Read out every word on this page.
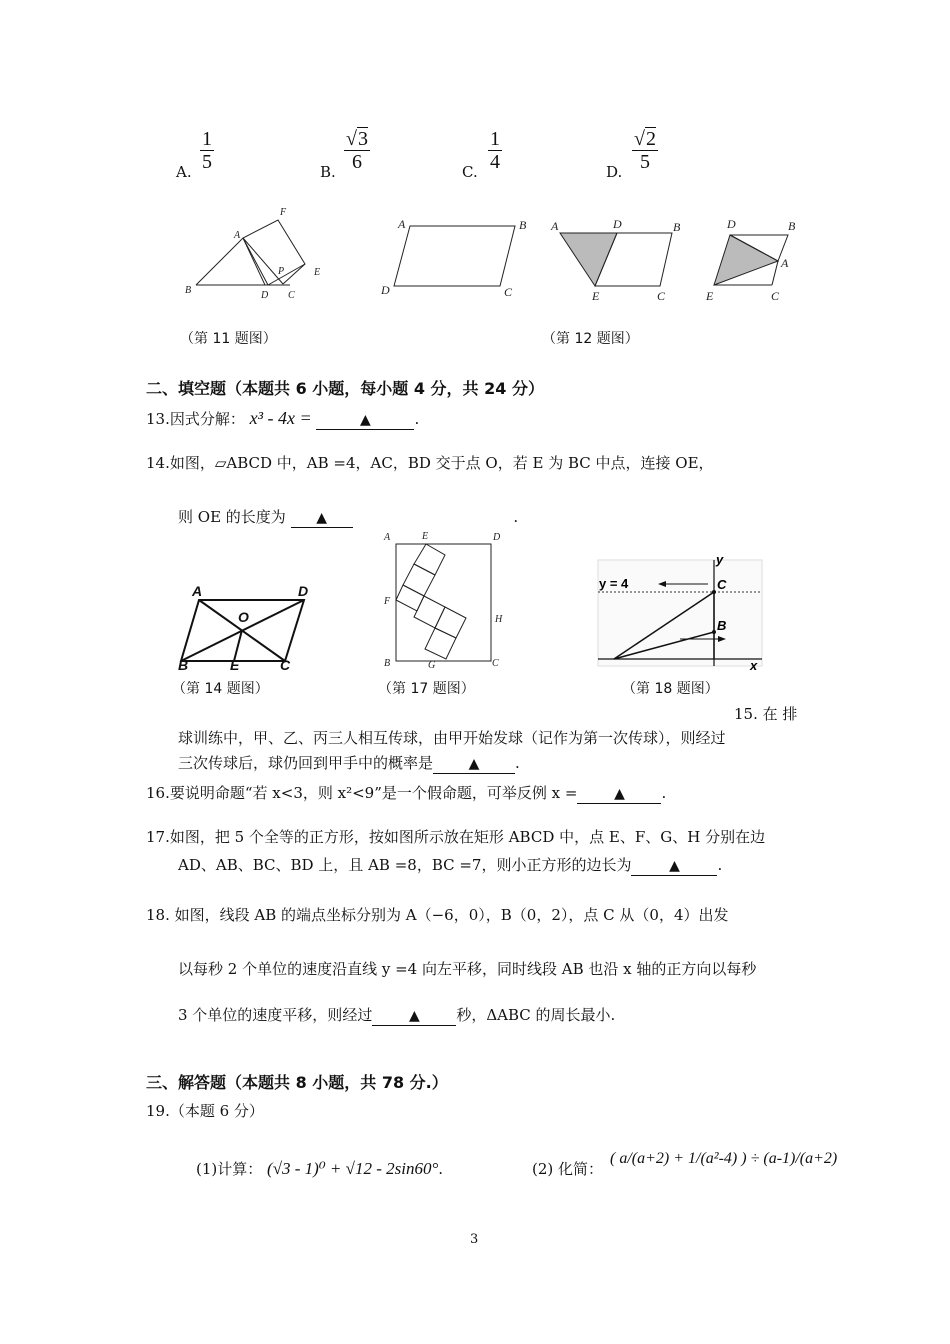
A. $\frac{1}{5}$	B. $\frac{√3}{6}$	C. $\frac{1}{4}$	D. $\frac{√2}{5}$
A
F
B	D C
P	E
A	B
D	C
A	D	B
E	C
D	B
A
E	C
（第 11 题图）	（第 12 题图）
二、填空题（本题共 6 小题，每小题 4 分，共 24 分）
13.因式分解： x³ - 4x =	▲	.
14.如图，▱ABCD 中，AB =4，AC，BD 交于点 O，若 E 为 BC 中点，连接 OE，
则 OE 的长度为 ▲	.
A	D
O
B	E	C
A	E	D
F
H
B	G	C
y = 4
y
C
B
x
（第 14 题图）	（第 17 题图）	（第 18 题图）
15. 在 排
球训练中，甲、乙、丙三人相互传球，由甲开始发球（记作为第一次传球），则经过
三次传球后，球仍回到甲手中的概率是	▲ .
16.要说明命题“若 x<3，则 x²<9”是一个假命题，可举反例 x =	▲ .
17.如图，把 5 个全等的正方形，按如图所示放在矩形 ABCD 中，点 E、F、G、H 分别在边
AD、AB、BC、BD 上，且 AB =8，BC =7，则小正方形的边长为	▲	.
18. 如图，线段 AB 的端点坐标分别为 A（−6，0），B（0，2），点 C 从（0，4）出发
以每秒 2 个单位的速度沿直线 y =4 向左平移，同时线段 AB 也沿 x 轴的正方向以每秒
3 个单位的速度平移，则经过	▲ 秒，ΔABC 的周长最小.
三、解答题（本题共 8 小题，共 78 分.）
19.（本题 6 分）
(1)计算： (√3 - 1)⁰ + √12 - 2sin60°.	(2) 化简：
( a/(a+2) + 1/(a²-4) ) ÷ (a-1)/(a+2)
3
